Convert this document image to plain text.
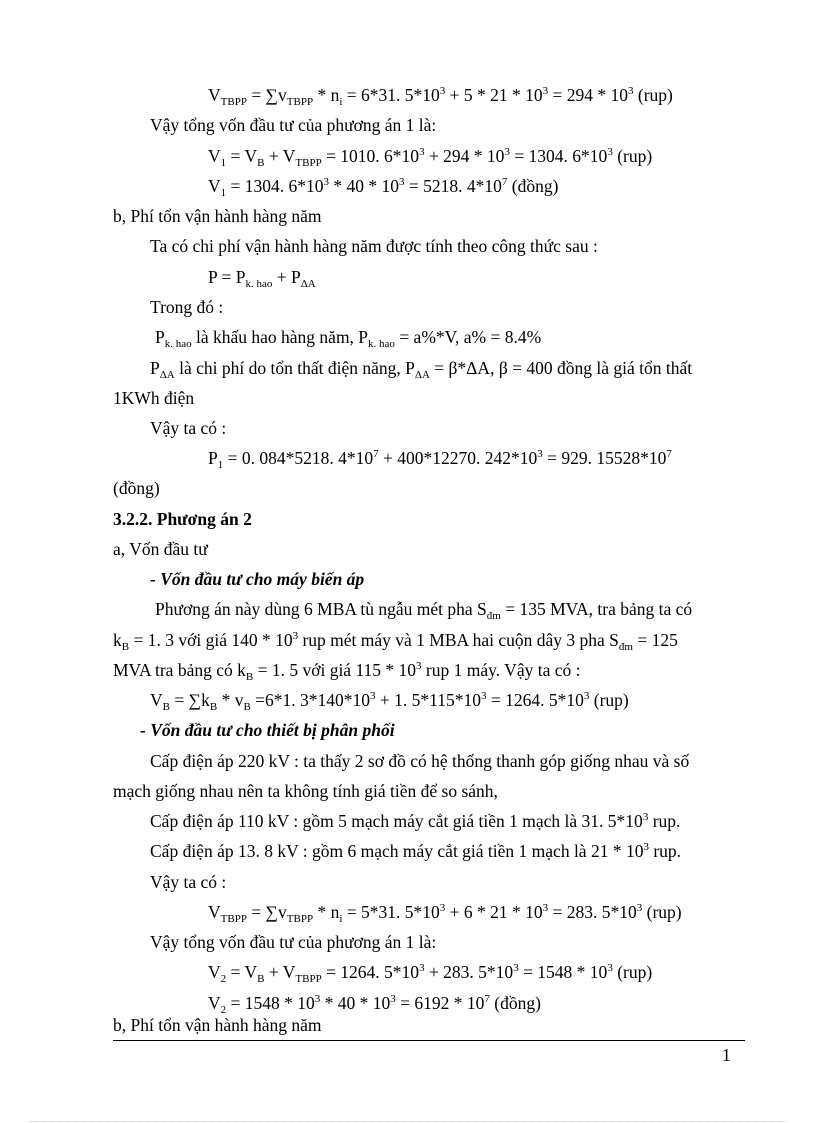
$V_{TBPP} = \sum v_{TBPP} * n_i = 6*31$. $5*10^3 + 5 * 21 * 10^3 = 294 * 10^3$ (rup)
Vậy tổng vốn đầu tư của phương án 1 là:
$V_1 = V_B + V_{TBPP} = 1010$. $6*10^3 + 294 * 10^3 = 1304$. $6*10^3$ (rup)
$V_1 = 1304$. $6*10^3 * 40 * 10^3 = 5218$. $4*10^7$ (đồng)
b, Phí tổn vận hành hàng năm
Ta có chi phí vận hành hàng năm được tính theo công thức sau :
$P = P_{k. hao} + P_{\Delta A}$
Trong đó :
$P_{k. hao}$ là khấu hao hàng năm, $P_{k. hao} = a\%*V$, a% = 8.4%
$P_{\Delta A}$ là chi phí do tổn thất điện năng, $P_{\Delta A} = \beta*\Delta A$, β = 400 đồng là giá tổn thất
1KWh điện
Vậy ta có :
$P_1 = 0$. 084*5218. $4*10^7 + 400*12270$. $242*10^3 = 929$. $15528*10^7$
(đồng)
3.2.2. Phương án 2
a, Vốn đầu tư
- Vốn đầu tư cho máy biến áp
Phương án này dùng 6 MBA tù ngẫu mét pha $S_{đm} = 135$ MVA, tra bảng ta có
$k_B = 1$. 3 với giá $140 * 10^3$ rup mét máy và 1 MBA hai cuộn dây 3 pha $S_{đm} = 125$
MVA tra bảng có $k_B = 1$. 5 với giá $115 * 10^3$ rup 1 máy. Vậy ta có :
$V_B = \sum k_B * v_B =6*1$. $3*140*10^3 + 1$. $5*115*10^3 = 1264$. $5*10^3$ (rup)
- Vốn đầu tư cho thiết bị phân phối
Cấp điện áp 220 kV : ta thấy 2 sơ đồ có hệ thống thanh góp giống nhau và số
mạch giống nhau nên ta không tính giá tiền để so sánh,
Cấp điện áp 110 kV : gồm 5 mạch máy cắt giá tiền 1 mạch là 31. $5*10^3$ rup.
Cấp điện áp 13. 8 kV : gồm 6 mạch máy cắt giá tiền 1 mạch là $21 * 10^3$ rup.
Vậy ta có :
$V_{TBPP} = \sum v_{TBPP} * n_i = 5*31$. $5*10^3 + 6 * 21 * 10^3 = 283$. $5*10^3$ (rup)
Vậy tổng vốn đầu tư của phương án 1 là:
$V_2 = V_B + V_{TBPP} = 1264$. $5*10^3 + 283$. $5*10^3 = 1548 * 10^3$ (rup)
$V_2 = 1548 * 10^3 * 40 * 10^3 = 6192 * 10^7$ (đồng)
b, Phí tổn vận hành hàng năm
1
